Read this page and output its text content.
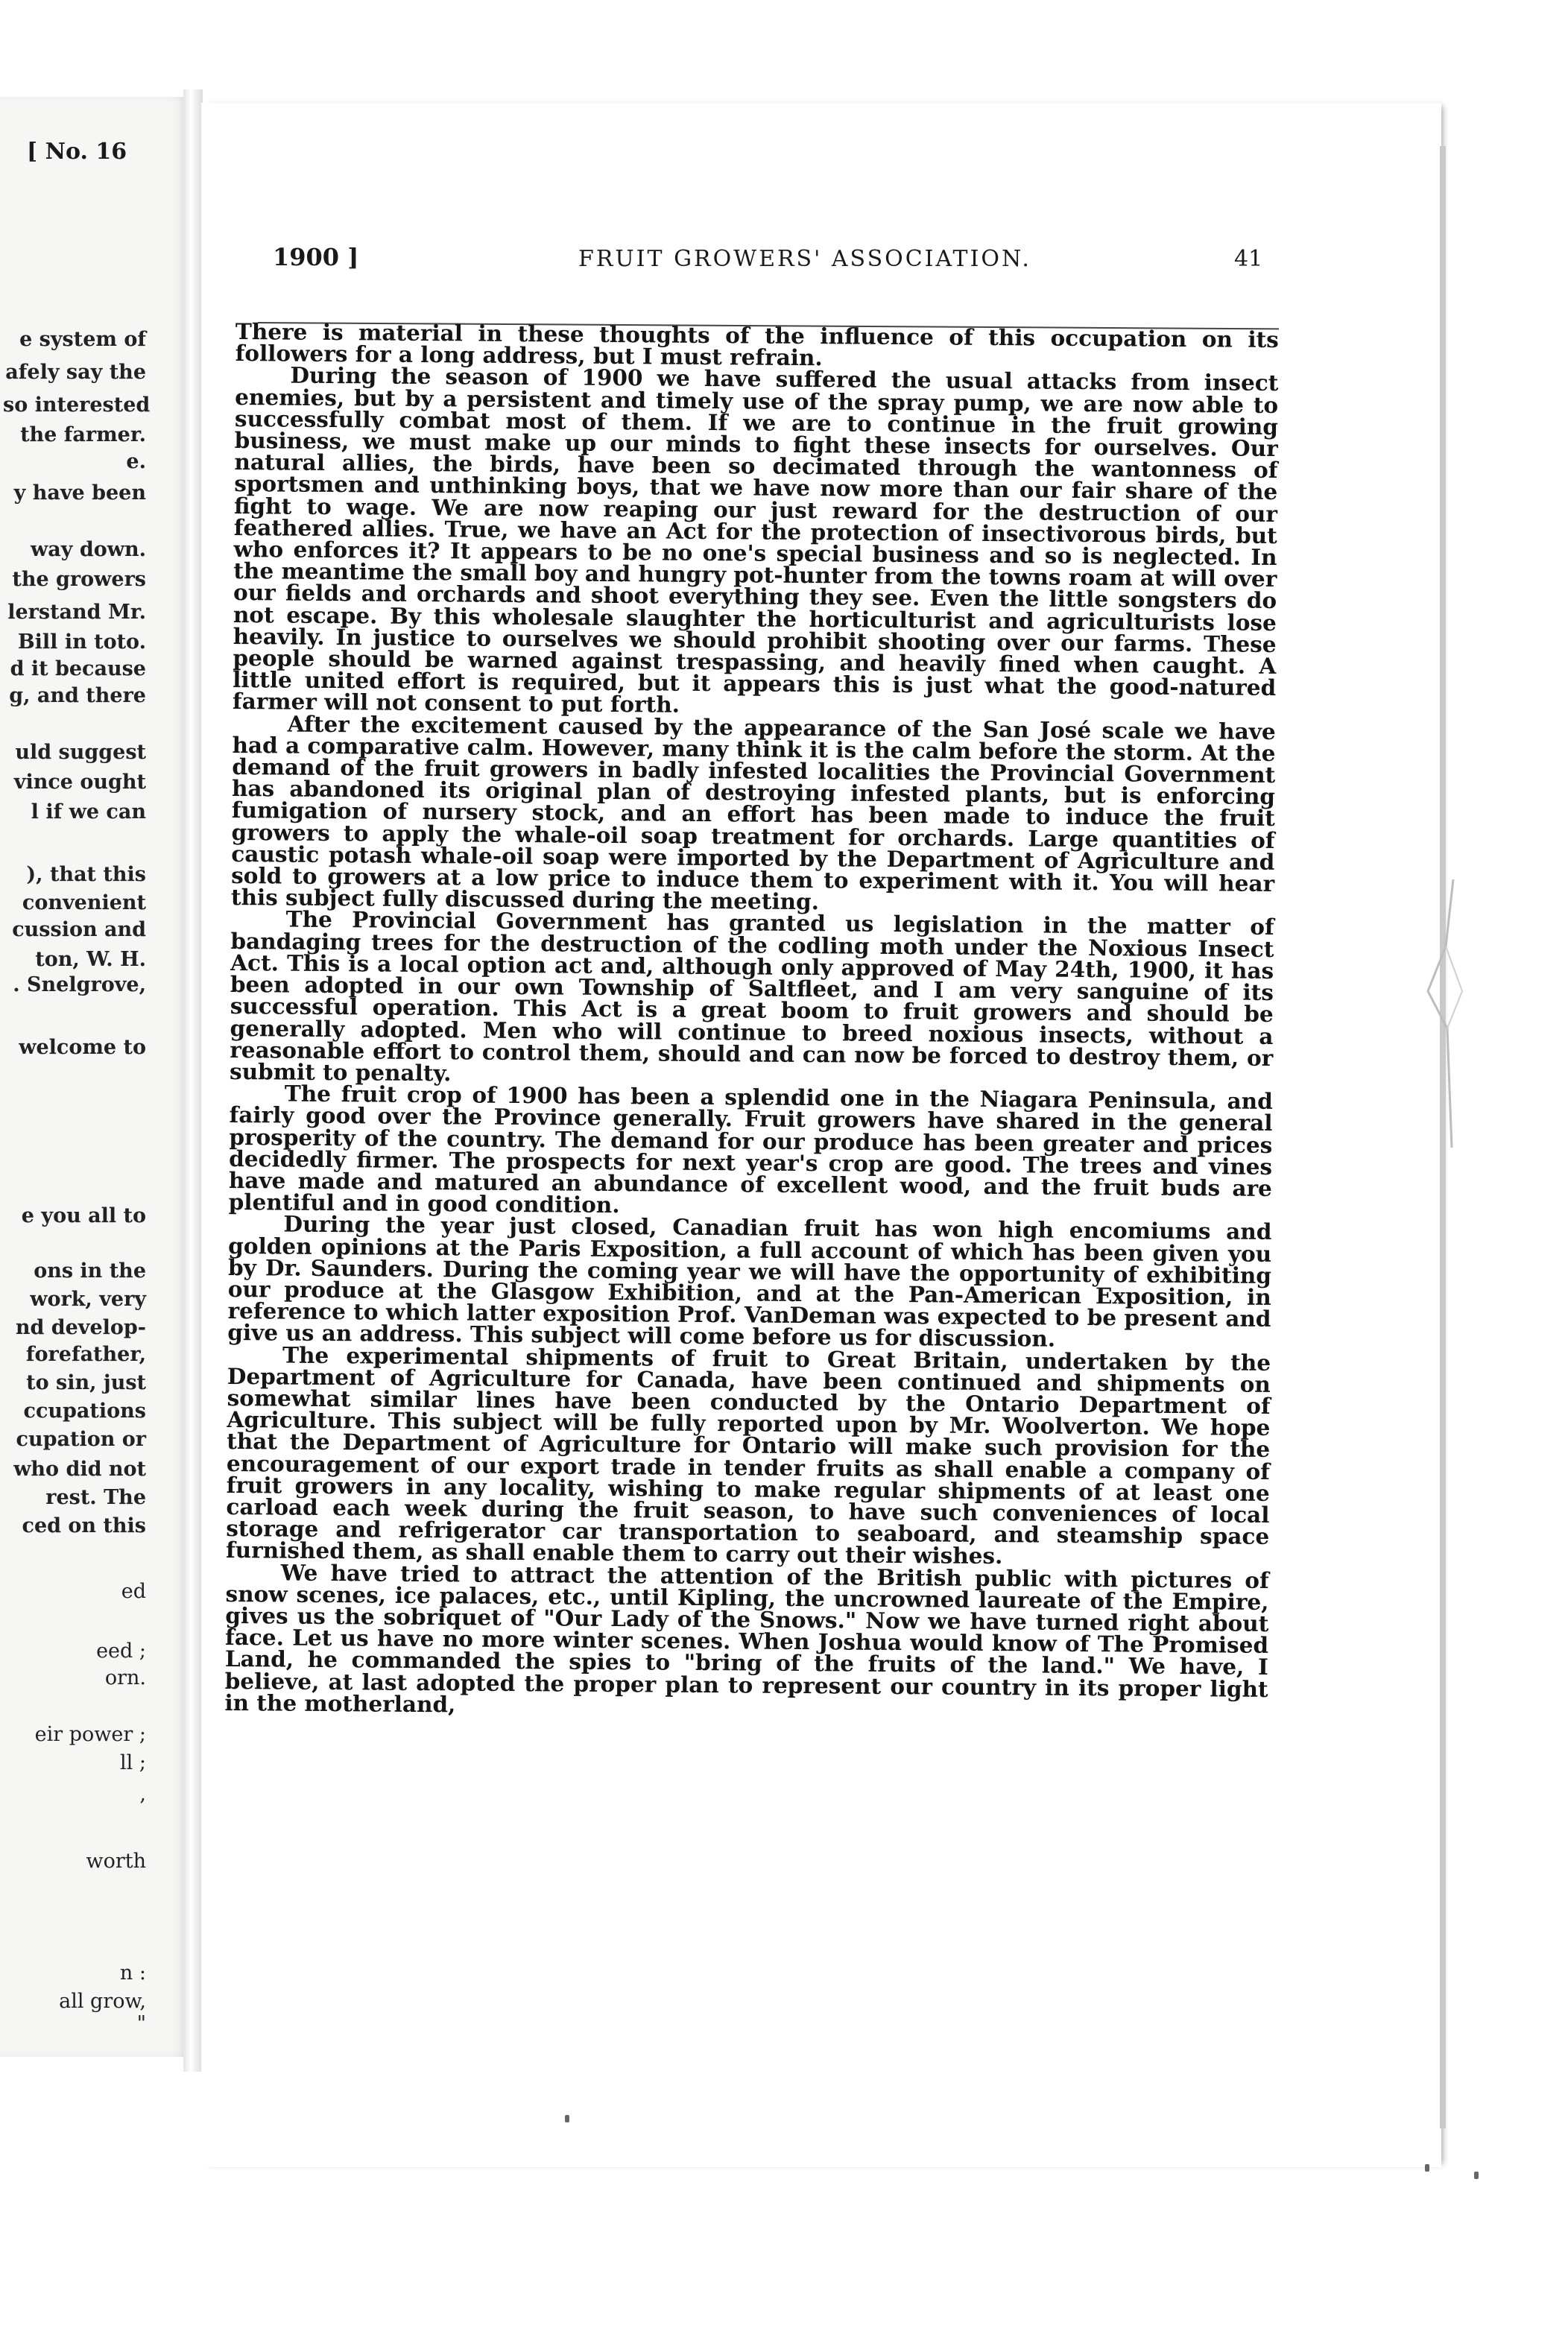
[ No. 16
e system of
afely say the
so interested
the farmer.
e.
y have been
way down.
the growers
lerstand Mr.
Bill in toto.
d it because
g, and there
uld suggest
vince ought
l if we can
), that this
convenient
cussion and
ton, W. H.
. Snelgrove,
welcome to
e you all to
ons in the
work, very
nd develop-
forefather,
to sin, just
ccupations
cupation or
who did not
rest. The
ced on this
ed
eed ;
orn.
eir power ;
ll ;
,
worth
n :
all grow,
"
1900 ]	FRUIT GROWERS' ASSOCIATION.	41

There is material in these thoughts of the influence of this occupation on its followers for a long address, but I must refrain.

During the season of 1900 we have suffered the usual attacks from insect enemies, but by a persistent and timely use of the spray pump, we are now able to successfully combat most of them. If we are to continue in the fruit growing business, we must make up our minds to fight these insects for ourselves. Our natural allies, the birds, have been so decimated through the wantonness of sportsmen and unthinking boys, that we have now more than our fair share of the fight to wage. We are now reaping our just reward for the destruction of our feathered allies. True, we have an Act for the protection of insectivorous birds, but who enforces it? It appears to be no one's special business and so is neglected. In the meantime the small boy and hungry pot-hunter from the towns roam at will over our fields and orchards and shoot everything they see. Even the little songsters do not escape. By this wholesale slaughter the horticulturist and agriculturists lose heavily. In justice to ourselves we should prohibit shooting over our farms. These people should be warned against trespassing, and heavily fined when caught. A little united effort is required, but it appears this is just what the good-natured farmer will not consent to put forth.

After the excitement caused by the appearance of the San José scale we have had a comparative calm. However, many think it is the calm before the storm. At the demand of the fruit growers in badly infested localities the Provincial Government has abandoned its original plan of destroying infested plants, but is enforcing fumigation of nursery stock, and an effort has been made to induce the fruit growers to apply the whale-oil soap treatment for orchards. Large quantities of caustic potash whale-oil soap were imported by the Department of Agriculture and sold to growers at a low price to induce them to experiment with it. You will hear this subject fully discussed during the meeting.

The Provincial Government has granted us legislation in the matter of bandaging trees for the destruction of the codling moth under the Noxious Insect Act. This is a local option act and, although only approved of May 24th, 1900, it has been adopted in our own Township of Saltfleet, and I am very sanguine of its successful operation. This Act is a great boom to fruit growers and should be generally adopted. Men who will continue to breed noxious insects, without a reasonable effort to control them, should and can now be forced to destroy them, or submit to penalty.

The fruit crop of 1900 has been a splendid one in the Niagara Peninsula, and fairly good over the Province generally. Fruit growers have shared in the general prosperity of the country. The demand for our produce has been greater and prices decidedly firmer. The prospects for next year's crop are good. The trees and vines have made and matured an abundance of excellent wood, and the fruit buds are plentiful and in good condition.

During the year just closed, Canadian fruit has won high encomiums and golden opinions at the Paris Exposition, a full account of which has been given you by Dr. Saunders. During the coming year we will have the opportunity of exhibiting our produce at the Glasgow Exhibition, and at the Pan-American Exposition, in reference to which latter exposition Prof. VanDeman was expected to be present and give us an address. This subject will come before us for discussion.

The experimental shipments of fruit to Great Britain, undertaken by the Department of Agriculture for Canada, have been continued and shipments on somewhat similar lines have been conducted by the Ontario Department of Agriculture. This subject will be fully reported upon by Mr. Woolverton. We hope that the Department of Agriculture for Ontario will make such provision for the encouragement of our export trade in tender fruits as shall enable a company of fruit growers in any locality, wishing to make regular shipments of at least one carload each week during the fruit season, to have such conveniences of local storage and refrigerator car transportation to seaboard, and steamship space furnished them, as shall enable them to carry out their wishes.

We have tried to attract the attention of the British public with pictures of snow scenes, ice palaces, etc., until Kipling, the uncrowned laureate of the Empire, gives us the sobriquet of "Our Lady of the Snows." Now we have turned right about face. Let us have no more winter scenes. When Joshua would know of The Promised Land, he commanded the spies to "bring of the fruits of the land." We have, I believe, at last adopted the proper plan to represent our country in its proper light in the motherland,
